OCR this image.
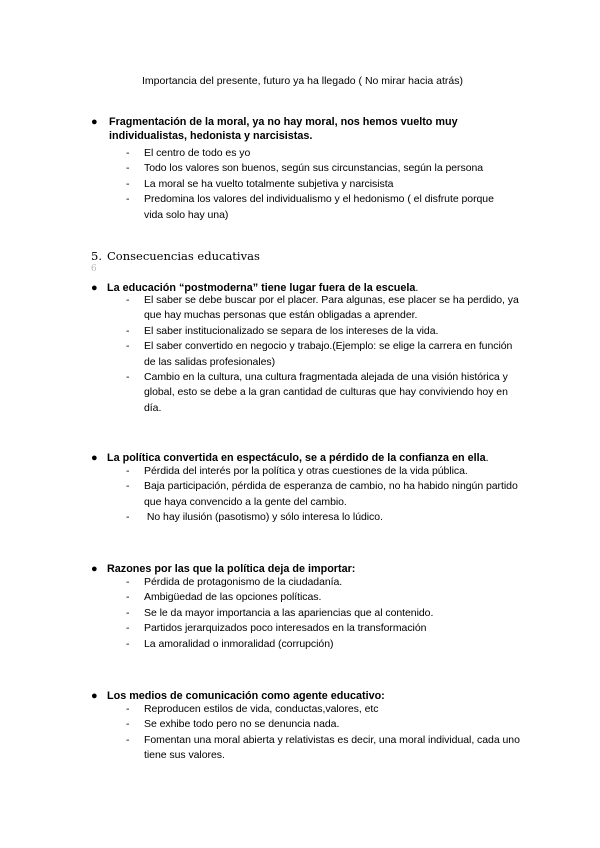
Importancia del presente, futuro ya ha llegado ( No mirar hacia atrás)
●	Fragmentación de la moral, ya no hay moral, nos hemos vuelto muy individualistas, hedonista y narcisistas.
- El centro de todo es yo
- Todo los valores son buenos, según sus circunstancias, según la persona
- La moral se ha vuelto totalmente subjetiva y narcisista
- Predomina los valores del individualismo y el hedonismo ( el disfrute porque vida solo hay una)
5. Consecuencias educativas
6
● La educación “postmoderna” tiene lugar fuera de la escuela.
- El saber se debe buscar por el placer. Para algunas, ese placer se ha perdido, ya que hay muchas personas que están obligadas a aprender.
- El saber institucionalizado se separa de los intereses de la vida.
- El saber convertido en negocio y trabajo.(Ejemplo: se elige la carrera en función de las salidas profesionales)
- Cambio en la cultura, una cultura fragmentada alejada de una visión histórica y global, esto se debe a la gran cantidad de culturas que hay conviviendo hoy en día.
● La política convertida en espectáculo, se a pérdido de la confianza en ella.
- Pérdida del interés por la política y otras cuestiones de la vida pública.
- Baja participación, pérdida de esperanza de cambio, no ha habido ningún partido que haya convencido a la gente del cambio.
- No hay ilusión (pasotismo) y sólo interesa lo lúdico.
● Razones por las que la política deja de importar:
- Pérdida de protagonismo de la ciudadanía.
- Ambigüedad de las opciones políticas.
- Se le da mayor importancia a las apariencias que al contenido.
- Partidos jerarquizados poco interesados en la transformación
- La amoralidad o inmoralidad (corrupción)
● Los medios de comunicación como agente educativo:
- Reproducen estilos de vida, conductas,valores, etc
- Se exhibe todo pero no se denuncia nada.
- Fomentan una moral abierta y relativistas es decir, una moral individual, cada uno tiene sus valores.
